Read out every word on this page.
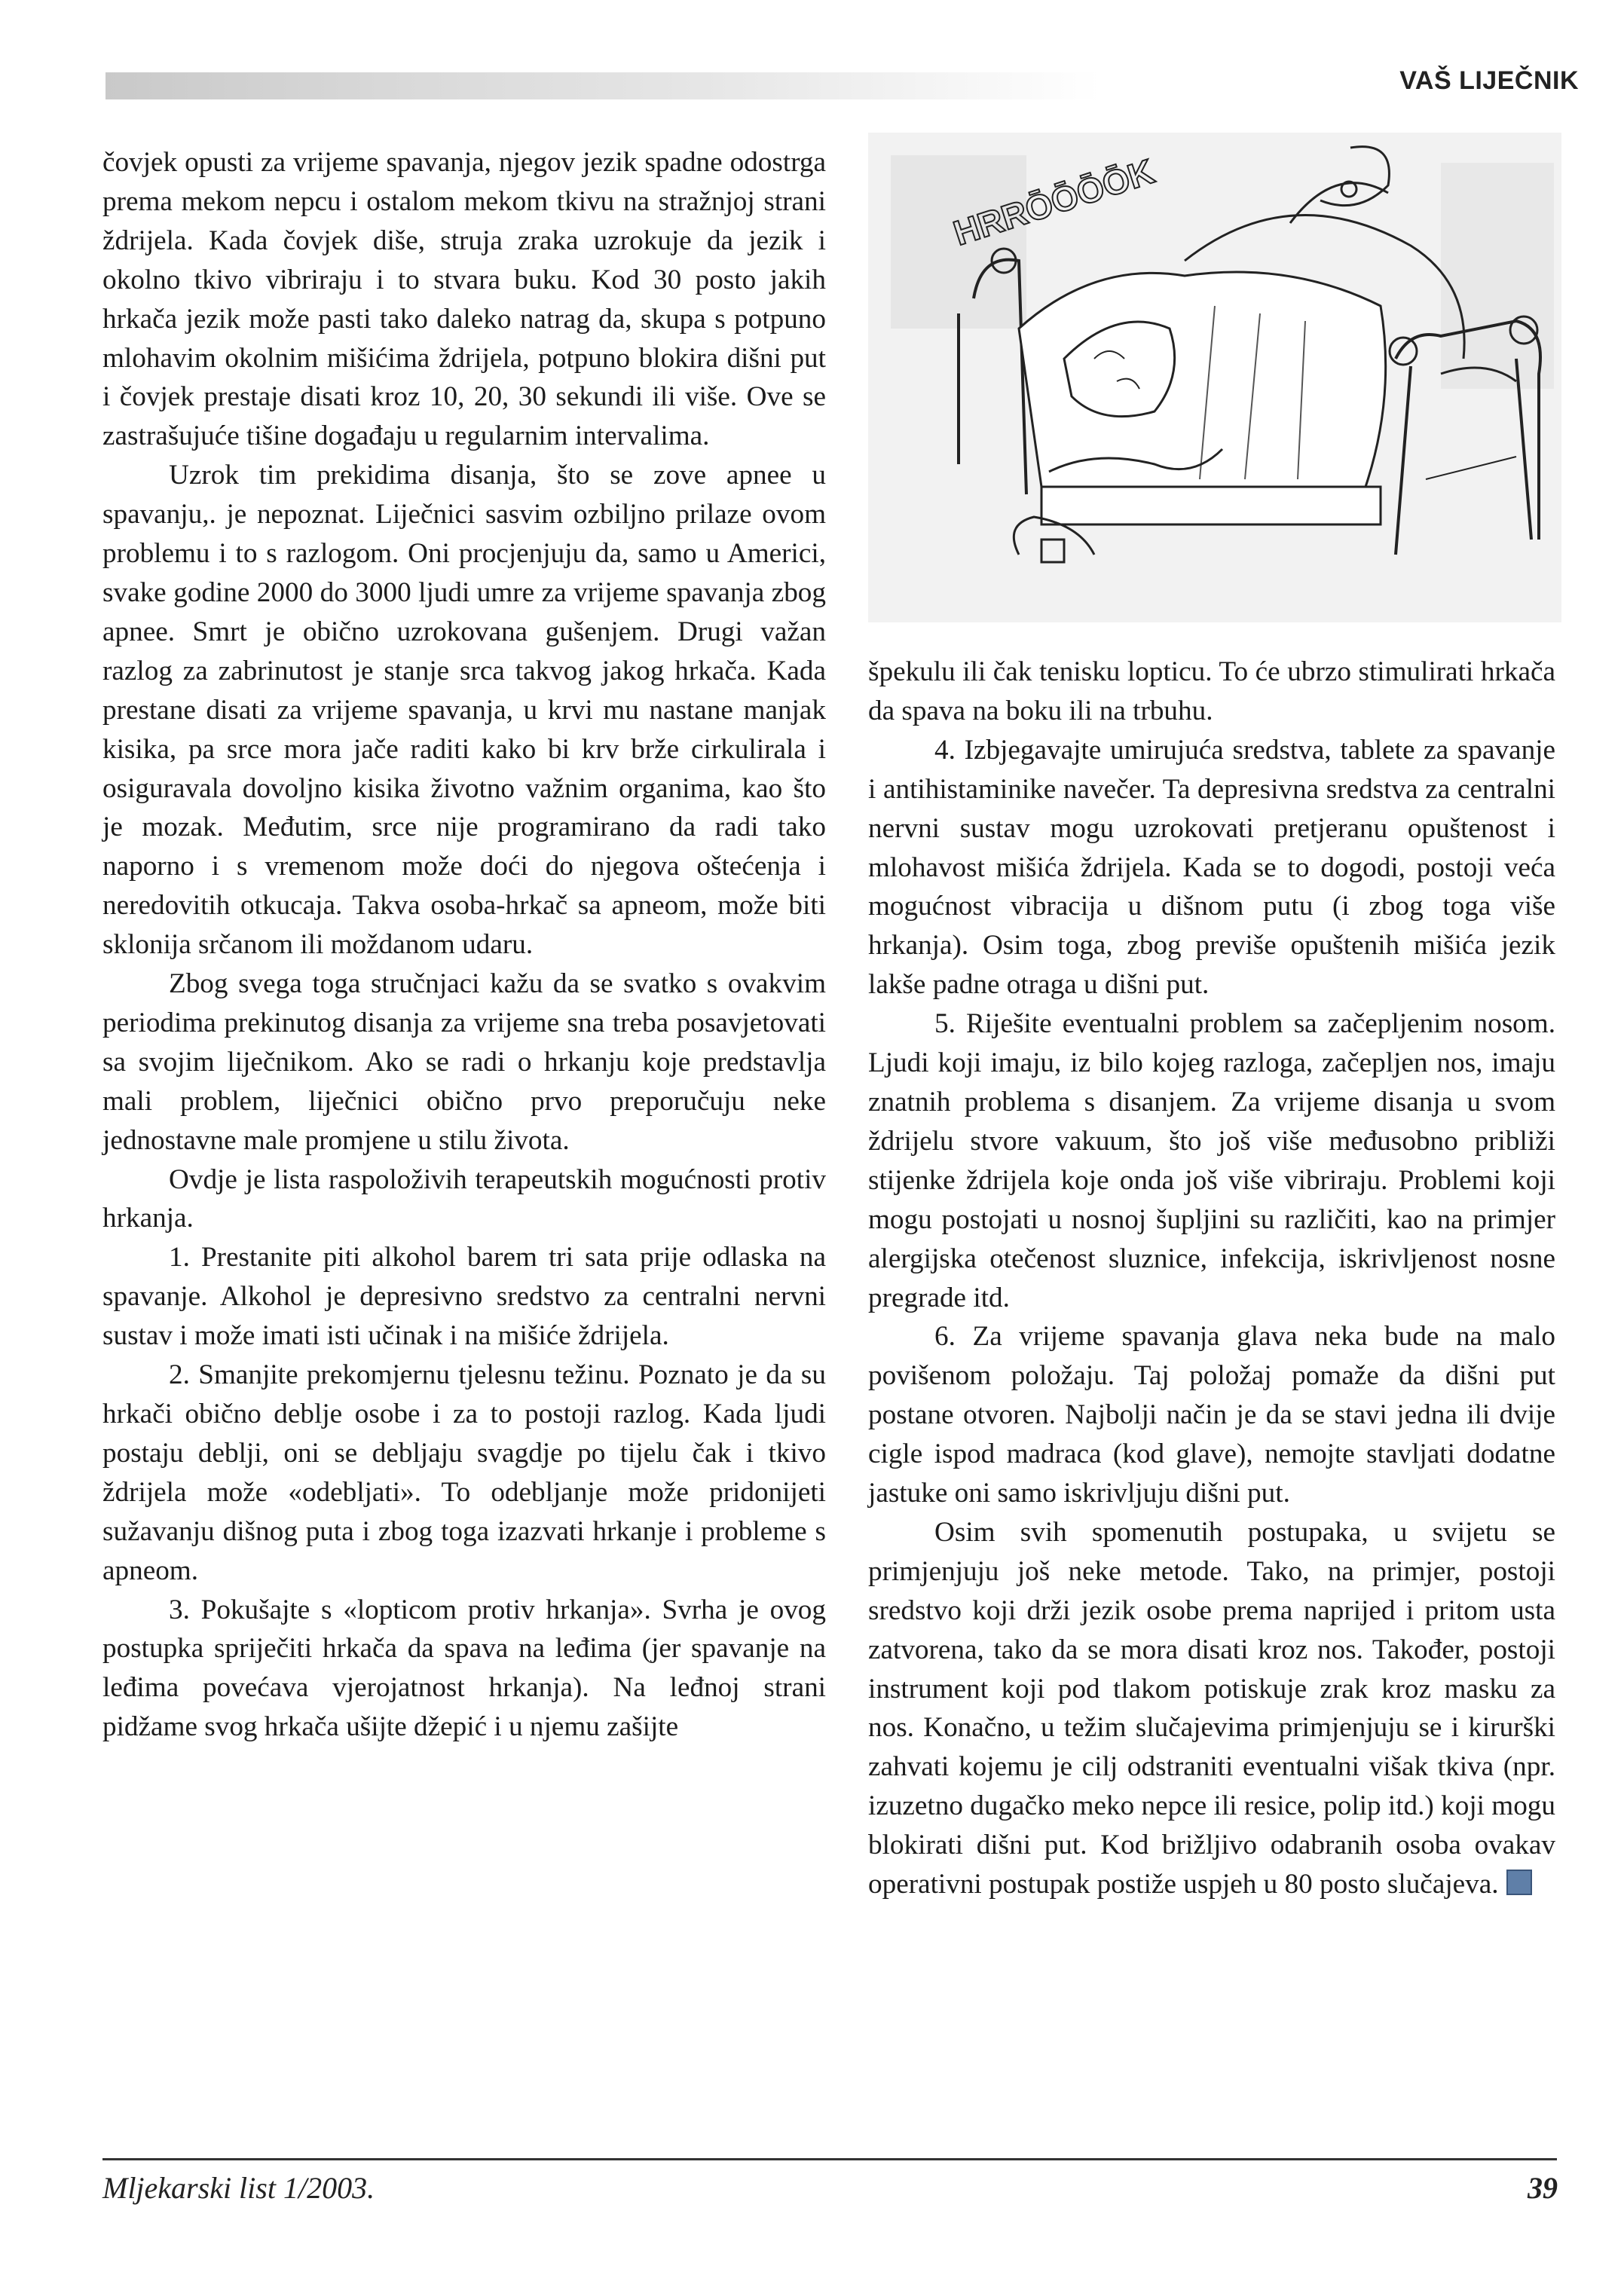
VAŠ LIJEČNIK

čovjek opusti za vrijeme spavanja, njegov jezik spadne odostrga prema mekom nepcu i ostalom mekom tkivu na stražnjoj strani ždrijela. Kada čovjek diše, struja zraka uzrokuje da jezik i okolno tkivo vibriraju i to stvara buku. Kod 30 posto jakih hrkača jezik može pasti tako daleko natrag da, skupa s potpuno mlohavim okolnim mišićima ždrijela, potpuno blokira dišni put i čovjek prestaje disati kroz 10, 20, 30 sekundi ili više. Ove se zastrašujuće tišine događaju u regularnim intervalima.

Uzrok tim prekidima disanja, što se zove apnee u spavanju,. je nepoznat. Liječnici sasvim ozbiljno prilaze ovom problemu i to s razlogom. Oni procjenjuju da, samo u Americi, svake godine 2000 do 3000 ljudi umre za vrijeme spavanja zbog apnee. Smrt je obično uzrokovana gušenjem. Drugi važan razlog za zabrinutost je stanje srca takvog jakog hrkača. Kada prestane disati za vrijeme spavanja, u krvi mu nastane manjak kisika, pa srce mora jače raditi kako bi krv brže cirkulirala i osiguravala dovoljno kisika životno važnim organima, kao što je mozak. Međutim, srce nije programirano da radi tako naporno i s vremenom može doći do njegova oštećenja i neredovitih otkucaja. Takva osoba-hrkač sa apneom, može biti sklonija srčanom ili moždanom udaru.

Zbog svega toga stručnjaci kažu da se svatko s ovakvim periodima prekinutog disanja za vrijeme sna treba posavjetovati sa svojim liječnikom. Ako se radi o hrkanju koje predstavlja mali problem, liječnici obično prvo preporučuju neke jednostavne male promjene u stilu života.

Ovdje je lista raspoloživih terapeutskih mogućnosti protiv hrkanja.

1. Prestanite piti alkohol barem tri sata prije odlaska na spavanje. Alkohol je depresivno sredstvo za centralni nervni sustav i može imati isti učinak i na mišiće ždrijela.

2. Smanjite prekomjernu tjelesnu težinu. Poznato je da su hrkači obično deblje osobe i za to postoji razlog. Kada ljudi postaju deblji, oni se debljaju svagdje po tijelu čak i tkivo ždrijela može «odebljati». To odebljanje može pridonijeti sužavanju dišnog puta i zbog toga izazvati hrkanje i probleme s apneom.

3. Pokušajte s «lopticom protiv hrkanja». Svrha je ovog postupka spriječiti hrkača da spava na leđima (jer spavanje na leđima povećava vjerojatnost hrkanja). Na leđnoj strani pidžame svog hrkača ušijte džepić i u njemu zašijte

HRRŌŌŌŌK

špekulu ili čak tenisku lopticu. To će ubrzo stimulirati hrkača da spava na boku ili na trbuhu.

4. Izbjegavajte umirujuća sredstva, tablete za spavanje i antihistaminike navečer. Ta depresivna sredstva za centralni nervni sustav mogu uzrokovati pretjeranu opuštenost i mlohavost mišića ždrijela. Kada se to dogodi, postoji veća mogućnost vibracija u dišnom putu (i zbog toga više hrkanja). Osim toga, zbog previše opuštenih mišića jezik lakše padne otraga u dišni put.

5. Riješite eventualni problem sa začepljenim nosom. Ljudi koji imaju, iz bilo kojeg razloga, začepljen nos, imaju znatnih problema s disanjem. Za vrijeme disanja u svom ždrijelu stvore vakuum, što još više međusobno približi stijenke ždrijela koje onda još više vibriraju. Problemi koji mogu postojati u nosnoj šupljini su različiti, kao na primjer alergijska otečenost sluznice, infekcija, iskrivljenost nosne pregrade itd.

6. Za vrijeme spavanja glava neka bude na malo povišenom položaju. Taj položaj pomaže da dišni put postane otvoren. Najbolji način je da se stavi jedna ili dvije cigle ispod madraca (kod glave), nemojte stavljati dodatne jastuke oni samo iskrivljuju dišni put.

Osim svih spomenutih postupaka, u svijetu se primjenjuju još neke metode. Tako, na primjer, postoji sredstvo koji drži jezik osobe prema naprijed i pritom usta zatvorena, tako da se mora disati kroz nos. Također, postoji instrument koji pod tlakom potiskuje zrak kroz masku za nos. Konačno, u težim slučajevima primjenjuju se i kirurški zahvati kojemu je cilj odstraniti eventualni višak tkiva (npr. izuzetno dugačko meko nepce ili resice, polip itd.) koji mogu blokirati dišni put. Kod brižljivo odabranih osoba ovakav operativni postupak postiže uspjeh u 80 posto slučajeva.

Mljekarski list 1/2003.	39
